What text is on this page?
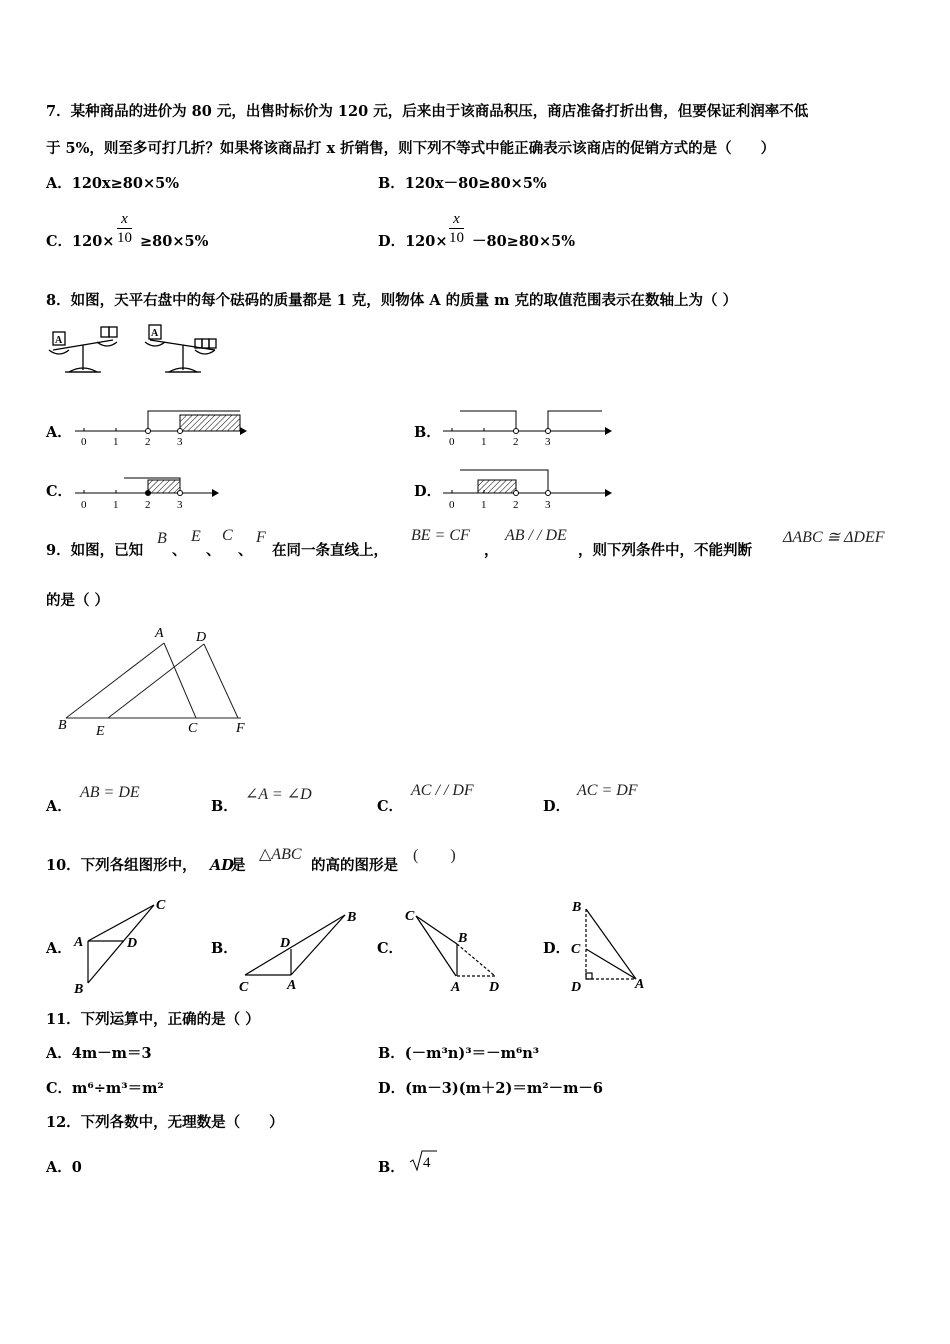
7．某种商品的进价为 80 元，出售时标价为 120 元，后来由于该商品积压，商店准备打折出售，但要保证利润率不低
于 5%，则至多可打几折？如果将该商品打 x 折销售，则下列不等式中能正确表示该商店的促销方式的是（　　）
A．120x≥80×5%	B．120x－80≥80×5%
C．$120\times \frac{x}{10} \ge 80\times 5\%$	D．$120\times \frac{x}{10} -80\ge 80\times 5\%$
8．如图，天平右盘中的每个砝码的质量都是 1 克，则物体 A 的质量 m 克的取值范围表示在数轴上为（ ）
A
A
A．
0 1 2 3
B．
0 1 2 3
C．
0 1 2 3
D．
0 1 2 3
9．如图，已知
B
、
E
、
C
、
F
在同一条直线上，
BE = CF
，
AB / / DE
，则下列条件中，不能判断
ΔABC ≅ ΔDEF
的是（ ）
A D
B E	C	F
A．
AB = DE
B．
∠A = ∠D
C．
AC / / DF
D．
AC = DF
10．下列各组图形中， AD
是
△ABC
的高的图形是
(　　)
A．
C
A	D
B
B．
B
D
C	A
C．
C
B
A D
D．
B
C
D	A
11．下列运算中，正确的是（ ）
A．4m－m＝3	B．(－m³n)³＝－m⁶n³
C．m⁶÷m³＝m²	D．(m－3)(m＋2)＝m²－m－6
12．下列各数中，无理数是（　　）
A．0	B． 4
